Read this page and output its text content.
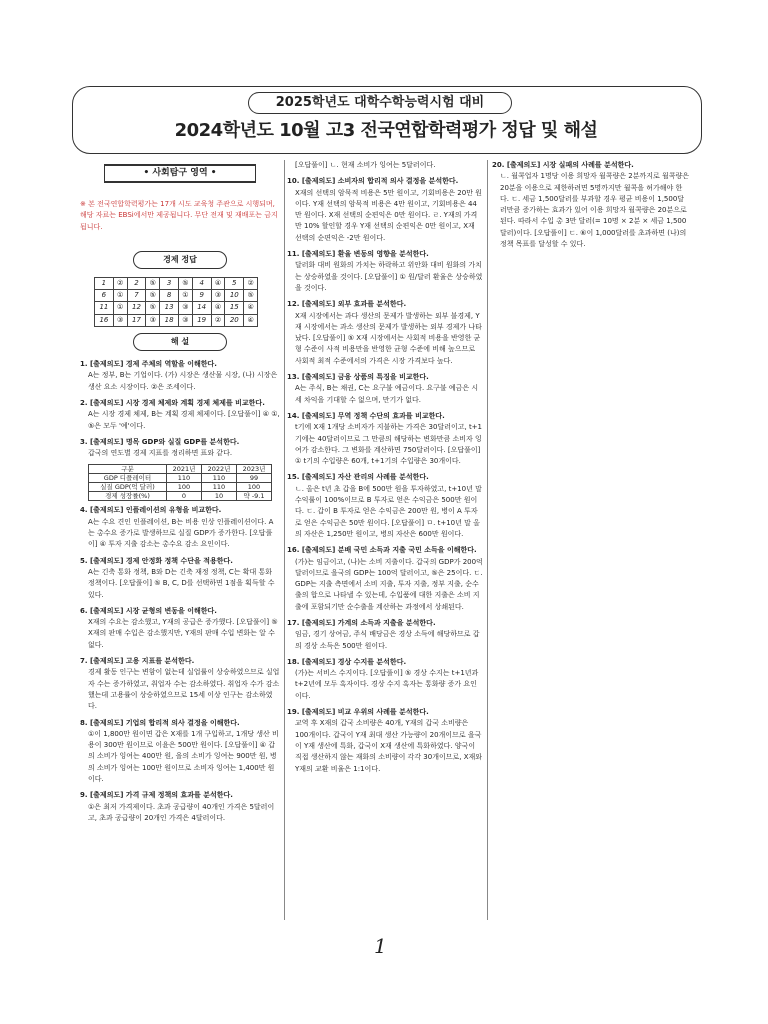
2025학년도 대학수학능력시험 대비
2024학년도 10월 고3 전국연합학력평가 정답 및 해설
• 사회탐구 영역 •
※ 본 전국연합학력평가는 17개 시도 교육청 주관으로 시행되며, 해당 자료는 EBSi에서만 제공됩니다. 무단 전재 및 재배포는 금지됩니다.
경제 정답
1	②	2	⑤	3	⑤	4	④	5	②
6	①	7	⑤	8	①	9	③	10	⑤
11	①	12	⑤	13	③	14	④	15	④
16	③	17	③	18	③	19	②	20	④
해 설
1. [출제의도] 경제 주체의 역할을 이해한다.
A는 정부, B는 기업이다. (가) 시장은 생산물 시장, (나) 시장은 생산 요소 시장이다. ②은 조세이다.
2. [출제의도] 시장 경제 체제와 계획 경제 체제를 비교한다.
A는 시장 경제 체제, B는 계획 경제 체제이다. [오답풀이] ④ ①, ⑤은 모두 '예'이다.
3. [출제의도] 명목 GDP와 실질 GDP를 분석한다.
갑국의 연도별 경제 지표를 정리하면 표와 같다.
구분	2021년	2022년	2023년
GDP 디플레이터	110	110	99
실질 GDP(억 달러)	100	110	100
경제 성장률(%)	0	10	약 -9.1
4. [출제의도] 인플레이션의 유형을 비교한다.
A는 수요 견인 인플레이션, B는 비용 인상 인플레이션이다. A는 총수요 증가로 발생하므로 실질 GDP가 증가한다. [오답풀이] ④ 투자 지출 감소는 총수요 감소 요인이다.
5. [출제의도] 경제 안정화 정책 수단을 적용한다.
A는 긴축 통화 정책, B와 D는 긴축 재정 정책, C는 확대 통화 정책이다. [오답풀이] ⑤ B, C, D를 선택하면 1점을 획득할 수 있다.
6. [출제의도] 시장 균형의 변동을 이해한다.
X재의 수요는 감소했고, Y재의 공급은 증가했다. [오답풀이] ⑤ X재의 판매 수입은 감소했지만, Y재의 판매 수입 변화는 알 수 없다.
7. [출제의도] 고용 지표를 분석한다.
경제 활동 인구는 변함이 없는데 실업률이 상승하였으므로 실업자 수는 증가하였고, 취업자 수는 감소하였다. 취업자 수가 감소했는데 고용률이 상승하였으므로 15세 이상 인구는 감소하였다.
8. [출제의도] 기업의 합리적 의사 결정을 이해한다.
①이 1,800만 원이면 갑은 X재를 1개 구입하고, 1개당 생산 비용이 300만 원이므로 이윤은 500만 원이다. [오답풀이] ④ 갑의 소비가 잉여는 400만 원, 을의 소비가 잉여는 900만 원, 병의 소비가 잉여는 100만 원이므로 소비자 잉여는 1,400만 원이다.
9. [출제의도] 가격 규제 정책의 효과를 분석한다.
①은 최저 가격제이다. 초과 공급량이 40개인 가격은 5달러이고, 초과 공급량이 20개인 가격은 4달러이다.
[오답풀이] ㄴ. 현재 소비가 잉여는 5달러이다.
10. [출제의도] 소비자의 합리적 의사 결정을 분석한다.
X재의 선택의 암묵적 비용은 5만 원이고, 기회비용은 20만 원이다. Y재 선택의 암묵적 비용은 4만 원이고, 기회비용은 44만 원이다. X재 선택의 순편익은 0만 원이다. ㄹ. Y재의 가격만 10% 할인할 경우 Y재 선택의 순편익은 0만 원이고, X재 선택의 순편익은 -2만 원이다.
11. [출제의도] 환율 변동의 영향을 분석한다.
달러화 대비 원화의 가치는 하락하고 위안화 대비 원화의 가치는 상승하였을 것이다. [오답풀이] ① 원/달러 환율은 상승하였을 것이다.
12. [출제의도] 외부 효과를 분석한다.
X재 시장에서는 과다 생산의 문제가 발생하는 외부 불경제, Y재 시장에서는 과소 생산의 문제가 발생하는 외부 경제가 나타났다. [오답풀이] ⑤ X재 시장에서는 사회적 비용을 반영한 균형 수준이 사적 비용만을 반영한 균형 수준에 비해 높으므로 사회적 최적 수준에서의 가격은 시장 가격보다 높다.
13. [출제의도] 금융 상품의 특징을 비교한다.
A는 주식, B는 채권, C는 요구불 예금이다. 요구불 예금은 시세 차익을 기대할 수 없으며, 만기가 없다.
14. [출제의도] 무역 정책 수단의 효과를 비교한다.
t기에 X재 1개당 소비자가 지불하는 가격은 30달러이고, t+1기에는 40달러이므로 그 만큼의 해당하는 변화만큼 소비자 잉여가 감소한다. 그 변화를 계산하면 750달러이다. [오답풀이] ① t기의 수입량은 60개, t+1기의 수입량은 30개이다.
15. [출제의도] 자산 관리의 사례를 분석한다.
ㄴ. 올은 t년 초 갑을 B에 500만 원을 투자하였고, t+10년 말 수익률이 100%이므로 B 투자로 얻은 수익금은 500만 원이다. ㄷ. 갑이 B 투자로 얻은 수익금은 200만 원, 병이 A 투자로 얻은 수익금은 50만 원이다. [오답풀이] ㅁ. t+10년 말 올의 자산은 1,250만 원이고, 병의 자산은 600만 원이다.
16. [출제의도] 분배 국민 소득과 지출 국민 소득을 이해한다.
(가)는 임금이고, (나)는 소비 지출이다. 갑국의 GDP가 200억 달러이므로 을국의 GDP는 100억 달러이고, ⑤은 25이다. ㄷ. GDP는 지출 측면에서 소비 지출, 투자 지출, 정부 지출, 순수출의 합으로 나타낼 수 있는데, 수입품에 대한 지출은 소비 지출에 포함되기만 순수출을 계산하는 과정에서 상쇄된다.
17. [출제의도] 가계의 소득과 지출을 분석한다.
임금, 경기 상여금, 주식 배당금은 경상 소득에 해당하므로 갑의 경상 소득은 500만 원이다.
18. [출제의도] 경상 수지를 분석한다.
(가)는 서비스 수지이다. [오답풀이] ⑤ 경상 수지는 t+1년과 t+2년에 모두 흑자이다. 경상 수지 흑자는 통화량 증가 요인이다.
19. [출제의도] 비교 우위의 사례를 분석한다.
교역 후 X재의 갑국 소비량은 40개, Y재의 갑국 소비량은 100개이다. 갑국이 Y재 최대 생산 가능량이 20개이므로 을국이 Y재 생산에 특화, 갑국이 X재 생산에 특화하였다. 양국이 직접 생산하지 않는 재화의 소비량이 각각 30개이므로, X재와 Y재의 교환 비율은 1:1이다.
20. [출제의도] 시장 실패의 사례를 분석한다.
ㄴ. 월콕업자 1명당 이용 희망자 월콕량은 2분까지로 월콕량은 20분을 이용으로 제한하려면 5명까지만 월콕을 허가해야 한다. ㄷ. 세금 1,500달러를 부과할 경우 평균 비용이 1,500달러만큼 증가하는 효과가 있어 이용 희망자 월콕량은 20분으로 된다. 따라서 수입 총 3만 달러(= 10명 × 2분 × 세금 1,500달러)이다. [오답풀이] ㄷ. ⑥이 1,000달러를 초과하면 (나)의 정책 목표를 달성할 수 있다.
1
